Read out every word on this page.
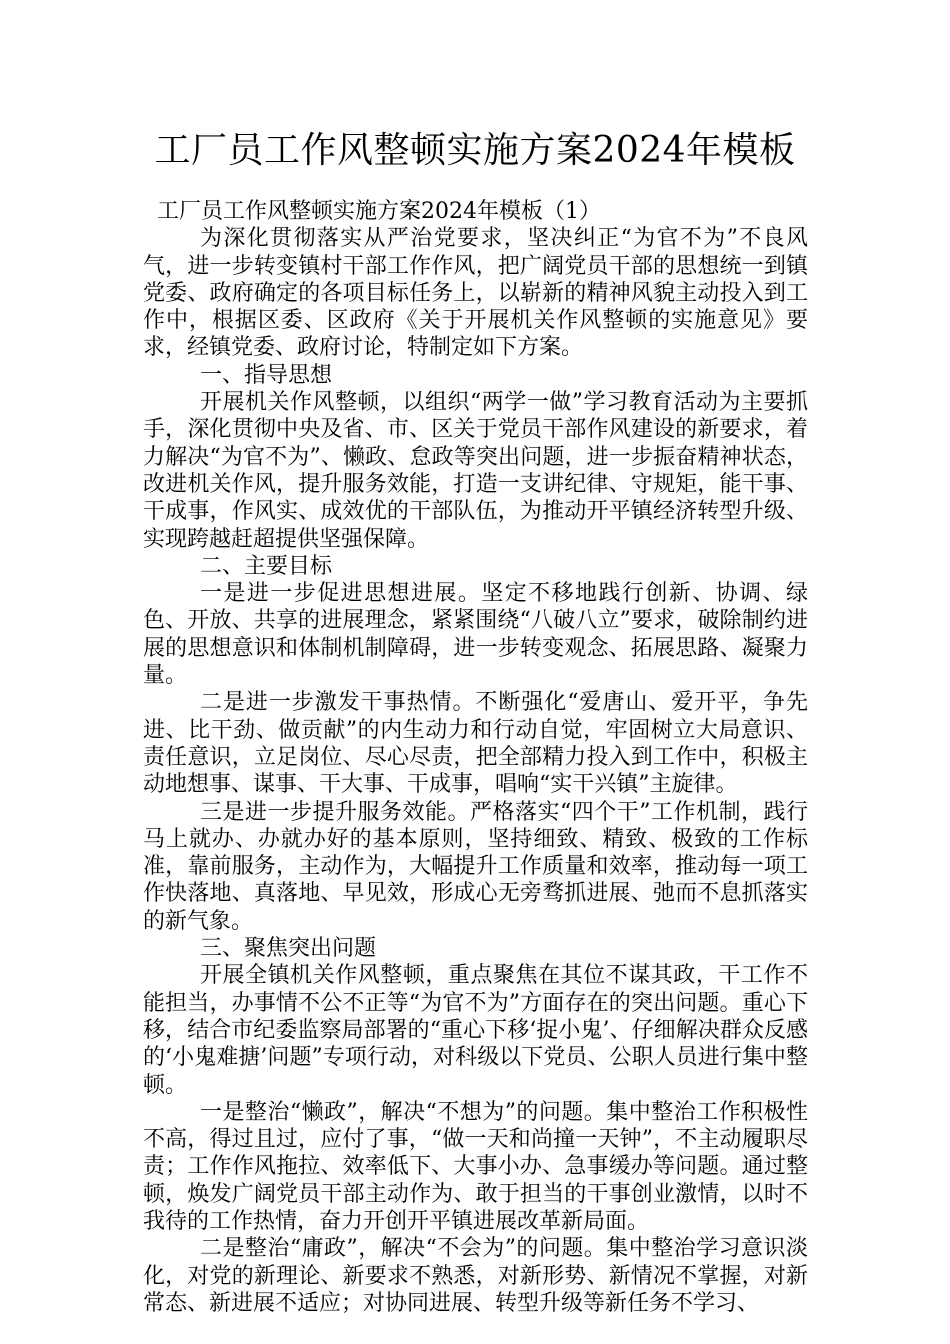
工厂员工作风整顿实施方案2024年模板

工厂员工作风整顿实施方案2024年模板（1）

为深化贯彻落实从严治党要求，坚决纠正“为官不为”不良风气，进一步转变镇村干部工作作风，把广阔党员干部的思想统一到镇党委、政府确定的各项目标任务上，以崭新的精神风貌主动投入到工作中，根据区委、区政府《关于开展机关作风整顿的实施意见》要求，经镇党委、政府讨论，特制定如下方案。

一、指导思想

开展机关作风整顿，以组织“两学一做”学习教育活动为主要抓手，深化贯彻中央及省、市、区关于党员干部作风建设的新要求，着力解决“为官不为”、懒政、怠政等突出问题，进一步振奋精神状态，改进机关作风，提升服务效能，打造一支讲纪律、守规矩，能干事、干成事，作风实、成效优的干部队伍，为推动开平镇经济转型升级、实现跨越赶超提供坚强保障。

二、主要目标

一是进一步促进思想进展。坚定不移地践行创新、协调、绿色、开放、共享的进展理念，紧紧围绕“八破八立”要求，破除制约进展的思想意识和体制机制障碍，进一步转变观念、拓展思路、凝聚力量。

二是进一步激发干事热情。不断强化“爱唐山、爱开平，争先进、比干劲、做贡献”的内生动力和行动自觉，牢固树立大局意识、责任意识，立足岗位、尽心尽责，把全部精力投入到工作中，积极主动地想事、谋事、干大事、干成事，唱响“实干兴镇”主旋律。

三是进一步提升服务效能。严格落实“四个干”工作机制，践行马上就办、办就办好的基本原则，坚持细致、精致、极致的工作标准，靠前服务，主动作为，大幅提升工作质量和效率，推动每一项工作快落地、真落地、早见效，形成心无旁骛抓进展、弛而不息抓落实的新气象。

三、聚焦突出问题

开展全镇机关作风整顿，重点聚焦在其位不谋其政，干工作不能担当，办事情不公不正等“为官不为”方面存在的突出问题。重心下移，结合市纪委监察局部署的“重心下移‘捉小鬼’、仔细解决群众反感的‘小鬼难搪’问题”专项行动，对科级以下党员、公职人员进行集中整顿。

一是整治“懒政”，解决“不想为”的问题。集中整治工作积极性不高，得过且过，应付了事，“做一天和尚撞一天钟”，不主动履职尽责；工作作风拖拉、效率低下、大事小办、急事缓办等问题。通过整顿，焕发广阔党员干部主动作为、敢于担当的干事创业激情，以时不我待的工作热情，奋力开创开平镇进展改革新局面。

二是整治“庸政”，解决“不会为”的问题。集中整治学习意识淡化，对党的新理论、新要求不熟悉，对新形势、新情况不掌握，对新常态、新进展不适应；对协同进展、转型升级等新任务不学习、
